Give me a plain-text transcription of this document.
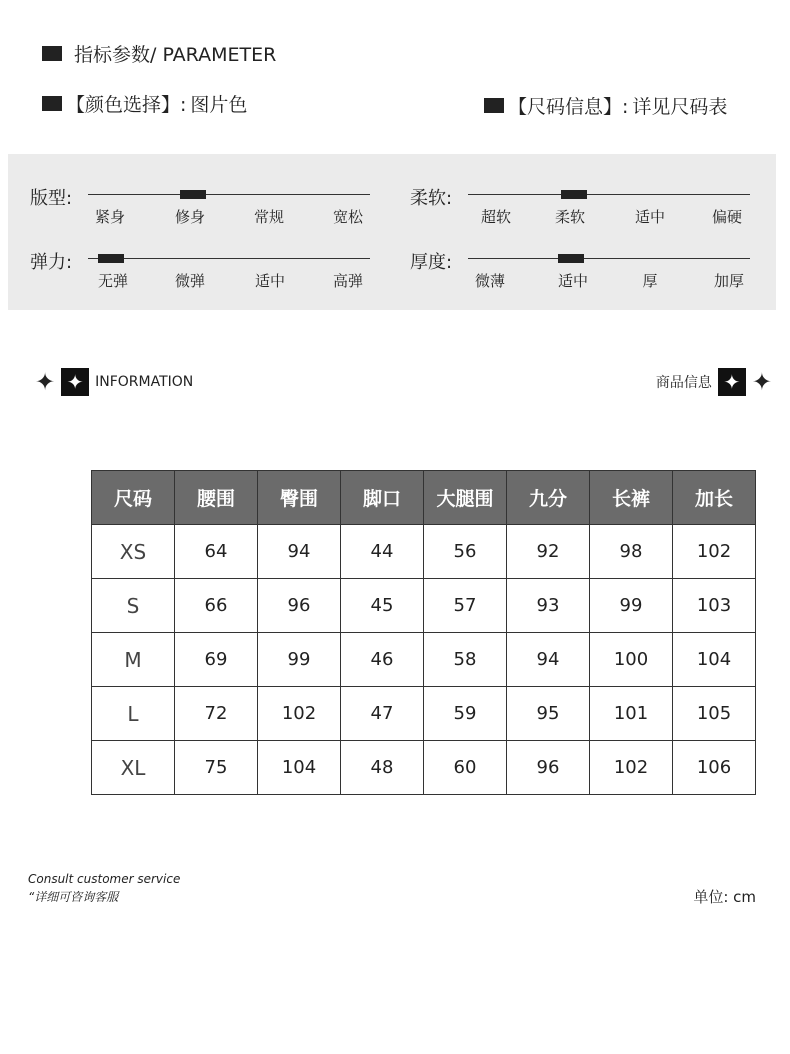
指标参数/ PARAMETER
【颜色选择】: 图片色	【尺码信息】: 详见尺码表
版型:
紧身	修身	常规	宽松
柔软:
超软	柔软	适中	偏硬
弹力:
无弹	微弹	适中	高弹
厚度:
微薄	适中	厚	加厚
✦ ✦ INFORMATION	商品信息 ✦ ✦
尺码	腰围	臀围	脚口	大腿围	九分	长裤	加长
XS	64	94	44	56	92	98	102
S	66	96	45	57	93	99	103
M	69	99	46	58	94	100	104
L	72	102	47	59	95	101	105
XL	75	104	48	60	96	102	106
Consult customer service
“详细可咨询客服	单位: cm
